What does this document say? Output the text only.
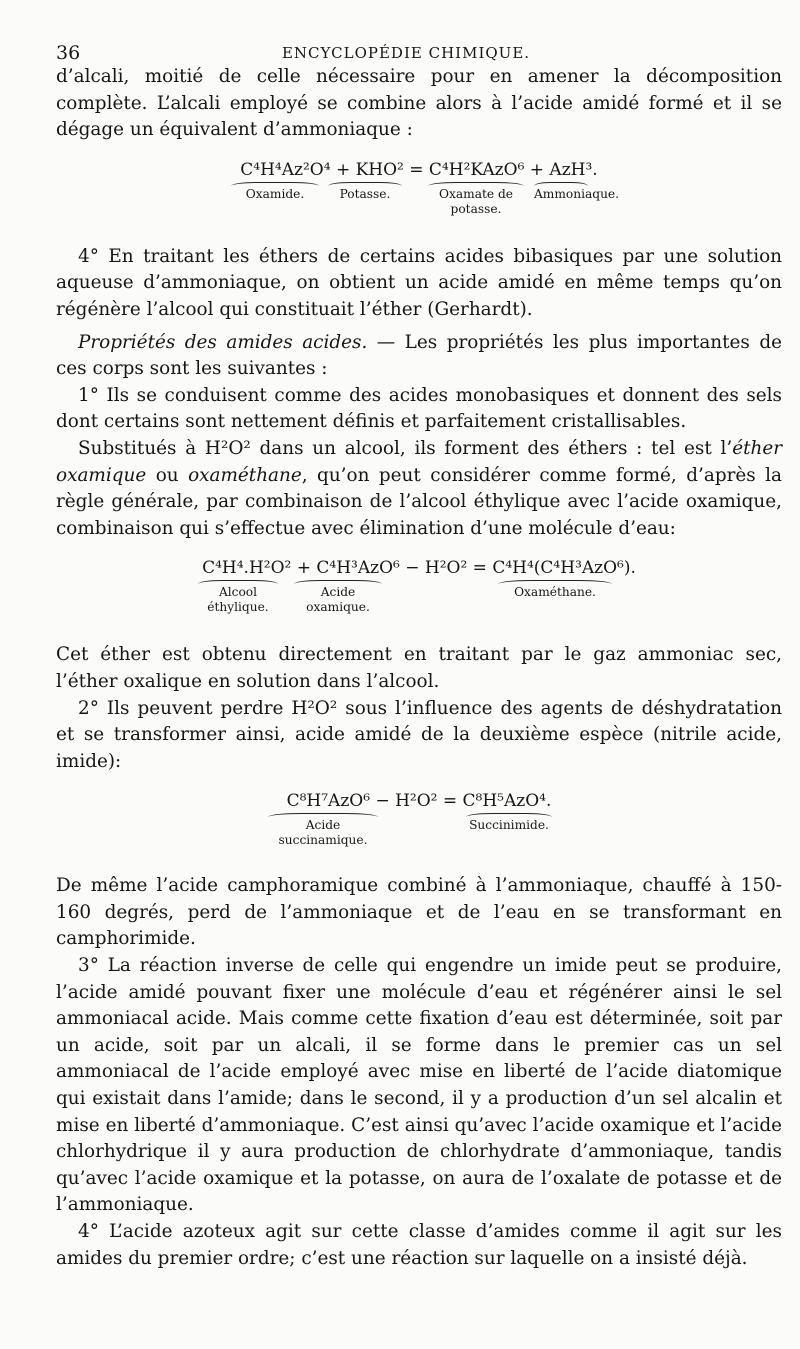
36	ENCYCLOPÉDIE CHIMIQUE.

d’alcali, moitié de celle nécessaire pour en amener la décomposition complète. L’alcali employé se combine alors à l’acide amidé formé et il se dégage un équivalent d’ammoniaque :

C⁴H⁴Az²O⁴ + KHO² = C⁴H²KAzO⁶ + AzH³.
Oxamide.	Potasse.	Oxamate de potasse.
Ammoniaque.

4° En traitant les éthers de certains acides bibasiques par une solution aqueuse d’ammoniaque, on obtient un acide amidé en même temps qu’on régénère l’alcool qui constituait l’éther (Gerhardt).

Propriétés des amides acides. — Les propriétés les plus importantes de ces corps sont les suivantes :

1° Ils se conduisent comme des acides monobasiques et donnent des sels dont certains sont nettement définis et parfaitement cristallisables.

Substitués à H²O² dans un alcool, ils forment des éthers : tel est l’éther oxamique ou oxaméthane, qu’on peut considérer comme formé, d’après la règle générale, par combinaison de l’alcool éthylique avec l’acide oxamique, combinaison qui s’effectue avec élimination d’une molécule d’eau:

C⁴H⁴.H²O² + C⁴H³AzO⁶ − H²O² = C⁴H⁴(C⁴H³AzO⁶).
Alcool éthylique.
Acide oxamique.
Oxaméthane.

Cet éther est obtenu directement en traitant par le gaz ammoniac sec, l’éther oxalique en solution dans l’alcool.

2° Ils peuvent perdre H²O² sous l’influence des agents de déshydratation et se transformer ainsi, acide amidé de la deuxième espèce (nitrile acide, imide):

C⁸H⁷AzO⁶ − H²O² = C⁸H⁵AzO⁴.
Acide succinamique.
Succinimide.

De même l’acide camphoramique combiné à l’ammoniaque, chauffé à 150-160 degrés, perd de l’ammoniaque et de l’eau en se transformant en camphorimide.

3° La réaction inverse de celle qui engendre un imide peut se produire, l’acide amidé pouvant fixer une molécule d’eau et régénérer ainsi le sel ammoniacal acide. Mais comme cette fixation d’eau est déterminée, soit par un acide, soit par un alcali, il se forme dans le premier cas un sel ammoniacal de l’acide employé avec mise en liberté de l’acide diatomique qui existait dans l’amide; dans le second, il y a production d’un sel alcalin et mise en liberté d’ammoniaque. C’est ainsi qu’avec l’acide oxamique et l’acide chlorhydrique il y aura production de chlorhydrate d’ammoniaque, tandis qu’avec l’acide oxamique et la potasse, on aura de l’oxalate de potasse et de l’ammoniaque.

4° L’acide azoteux agit sur cette classe d’amides comme il agit sur les amides du premier ordre; c’est une réaction sur laquelle on a insisté déjà.
